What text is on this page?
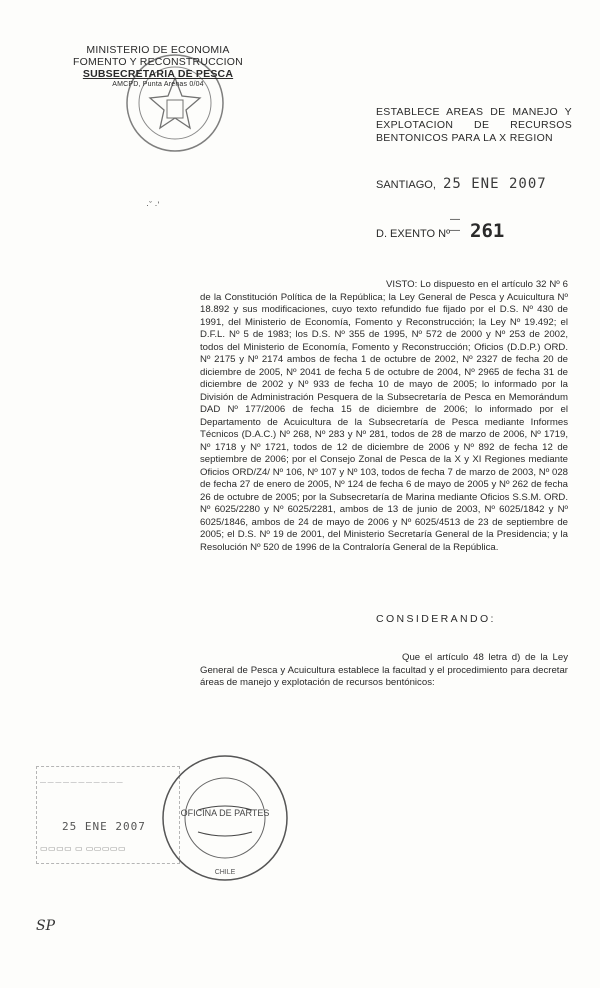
MINISTERIO DE ECONOMIA
FOMENTO Y RECONSTRUCCION
SUBSECRETARIA DE PESCA
AMCPD, Punta Arenas 0/04
ESTABLECE AREAS DE MANEJO Y
EXPLOTACION DE RECURSOS
BENTONICOS PARA LA X REGION
SANTIAGO, 25 ENE 2007
·ˇ ·'
D. EXENTO Nº
— — 261
VISTO: Lo dispuesto en el artículo 32 Nº 6 de la Constitución Política de la República; la Ley General de Pesca y Acuicultura Nº 18.892 y sus modificaciones, cuyo texto refundido fue fijado por el D.S. Nº 430 de 1991, del Ministerio de Economía, Fomento y Reconstrucción; la Ley Nº 19.492; el D.F.L. Nº 5 de 1983; los D.S. Nº 355 de 1995, Nº 572 de 2000 y Nº 253 de 2002, todos del Ministerio de Economía, Fomento y Reconstrucción; Oficios (D.D.P.) ORD. Nº 2175 y Nº 2174 ambos de fecha 1 de octubre de 2002, Nº 2327 de fecha 20 de diciembre de 2005, Nº 2041 de fecha 5 de octubre de 2004, Nº 2965 de fecha 31 de diciembre de 2002 y Nº 933 de fecha 10 de mayo de 2005; lo informado por la División de Administración Pesquera de la Subsecretaría de Pesca en Memorándum DAD Nº 177/2006 de fecha 15 de diciembre de 2006; lo informado por el Departamento de Acuicultura de la Subsecretaría de Pesca mediante Informes Técnicos (D.A.C.) Nº 268, Nº 283 y Nº 281, todos de 28 de marzo de 2006, Nº 1719, Nº 1718 y Nº 1721, todos de 12 de diciembre de 2006 y Nº 892 de fecha 12 de septiembre de 2006; por el Consejo Zonal de Pesca de la X y XI Regiones mediante Oficios ORD/Z4/ Nº 106, Nº 107 y Nº 103, todos de fecha 7 de marzo de 2003, Nº 028 de fecha 27 de enero de 2005, Nº 124 de fecha 6 de mayo de 2005 y Nº 262 de fecha 26 de octubre de 2005; por la Subsecretaría de Marina mediante Oficios S.S.M. ORD. Nº 6025/2280 y Nº 6025/2281, ambos de 13 de junio de 2003, Nº 6025/1842 y Nº 6025/1846, ambos de 24 de mayo de 2006 y Nº 6025/4513 de 23 de septiembre de 2005; el D.S. Nº 19 de 2001, del Ministerio Secretaría General de la Presidencia; y la Resolución Nº 520 de 1996 de la Contraloría General de la República.
CONSIDERANDO:
Que el artículo 48 letra d) de la Ley General de Pesca y Acuicultura establece la facultad y el procedimiento para decretar áreas de manejo y explotación de recursos bentónicos:
— — — — — — — — — — —
25 ENE 2007
▭▭▭▭ ▭ ▭▭▭▭▭
OFICINA DE PARTES
CHILE
SP
